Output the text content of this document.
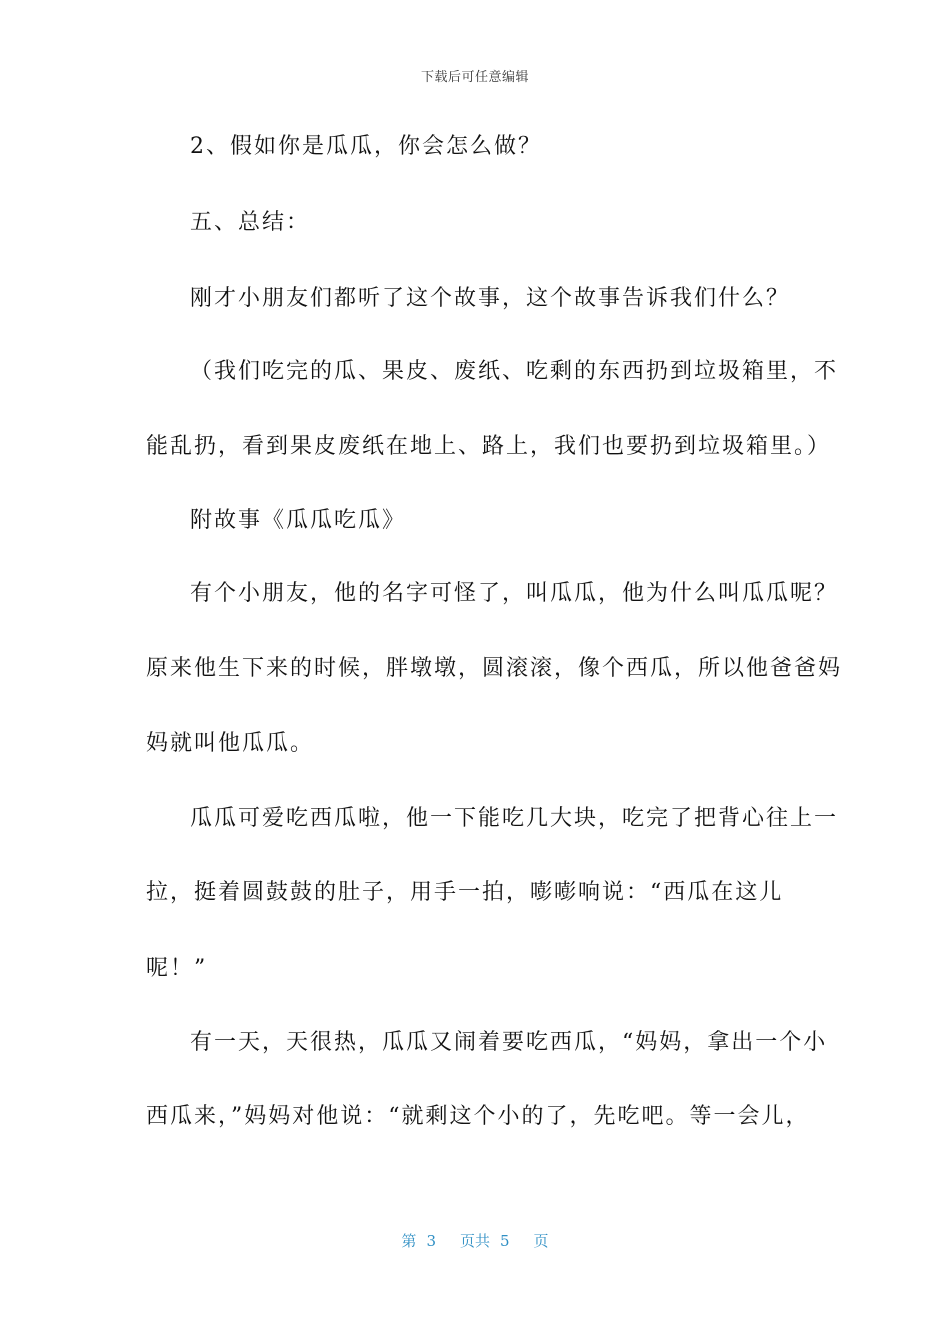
下载后可任意编辑
2、假如你是瓜瓜，你会怎么做？
五、总结：
刚才小朋友们都听了这个故事，这个故事告诉我们什么？
（我们吃完的瓜、果皮、废纸、吃剩的东西扔到垃圾箱里，不
能乱扔，看到果皮废纸在地上、路上，我们也要扔到垃圾箱里。）
附故事《瓜瓜吃瓜》
有个小朋友，他的名字可怪了，叫瓜瓜，他为什么叫瓜瓜呢？
原来他生下来的时候，胖墩墩，圆滚滚，像个西瓜，所以他爸爸妈
妈就叫他瓜瓜。
瓜瓜可爱吃西瓜啦，他一下能吃几大块，吃完了把背心往上一
拉，挺着圆鼓鼓的肚子，用手一拍，嘭嘭响说：“西瓜在这儿
呢！”
有一天，天很热，瓜瓜又闹着要吃西瓜，“妈妈，拿出一个小
西瓜来，”妈妈对他说：“就剩这个小的了，先吃吧。等一会儿，
第 3 页共 5 页
